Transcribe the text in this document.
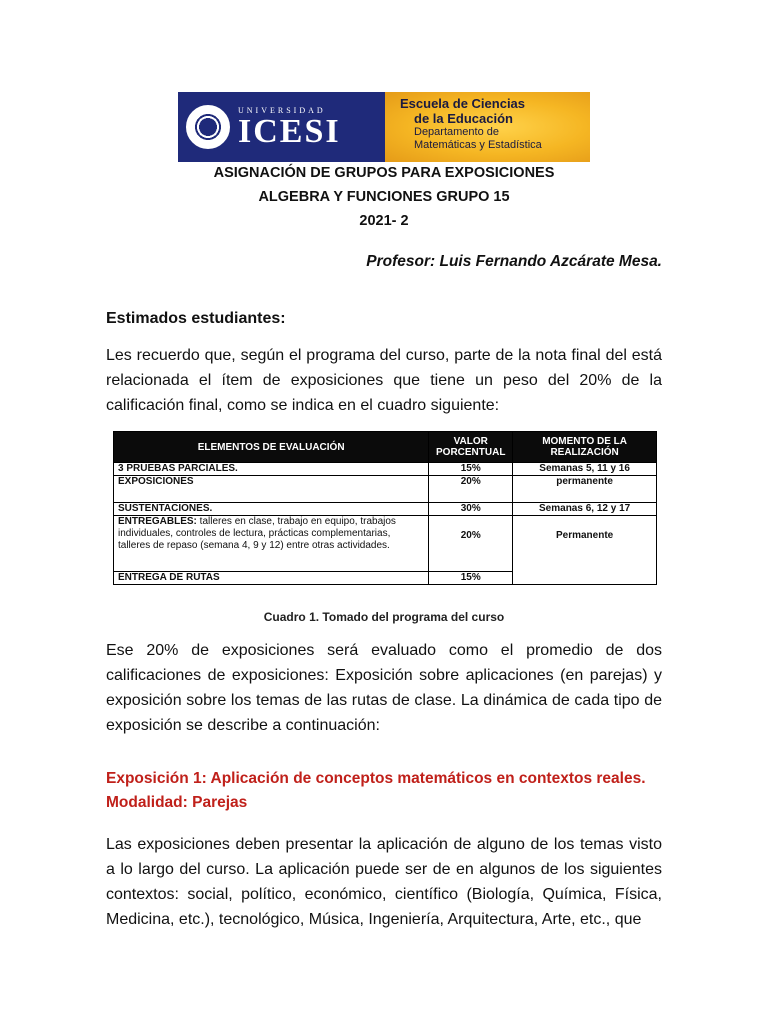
UNIVERSIDAD
ICESI
Escuela de Ciencias
de la Educación
Departamento de
Matemáticas y Estadística
ASIGNACIÓN DE GRUPOS PARA EXPOSICIONES
ALGEBRA Y FUNCIONES GRUPO 15
2021- 2
Profesor: Luis Fernando Azcárate Mesa.
Estimados estudiantes:
Les recuerdo que, según el programa del curso, parte de la nota final del está relacionada el ítem de exposiciones que tiene un peso del 20% de la calificación final, como se indica en el cuadro siguiente:
ELEMENTOS DE EVALUACIÓN	VALOR PORCENTUAL	MOMENTO DE LA REALIZACIÓN
3 PRUEBAS PARCIALES.	15%	Semanas 5, 11 y 16
EXPOSICIONES	20%	permanente
SUSTENTACIONES.	30%	Semanas 6, 12 y 17
ENTREGABLES: talleres en clase, trabajo en equipo, trabajos individuales, controles de lectura, prácticas complementarias, talleres de repaso (semana 4, 9 y 12) entre otras actividades.	20%	Permanente
ENTREGA DE RUTAS	15%	
Cuadro 1. Tomado del programa del curso
Ese 20% de exposiciones será evaluado como el promedio de dos calificaciones de exposiciones: Exposición sobre aplicaciones (en parejas) y exposición sobre los temas de las rutas de clase. La dinámica de cada tipo de exposición se describe a continuación:
Exposición 1: Aplicación de conceptos matemáticos en contextos reales.
Modalidad: Parejas
Las exposiciones deben presentar la aplicación de alguno de los temas visto a lo largo del curso. La aplicación puede ser de en algunos de los siguientes contextos: social, político, económico, científico (Biología, Química, Física, Medicina, etc.), tecnológico, Música, Ingeniería, Arquitectura, Arte, etc., que
